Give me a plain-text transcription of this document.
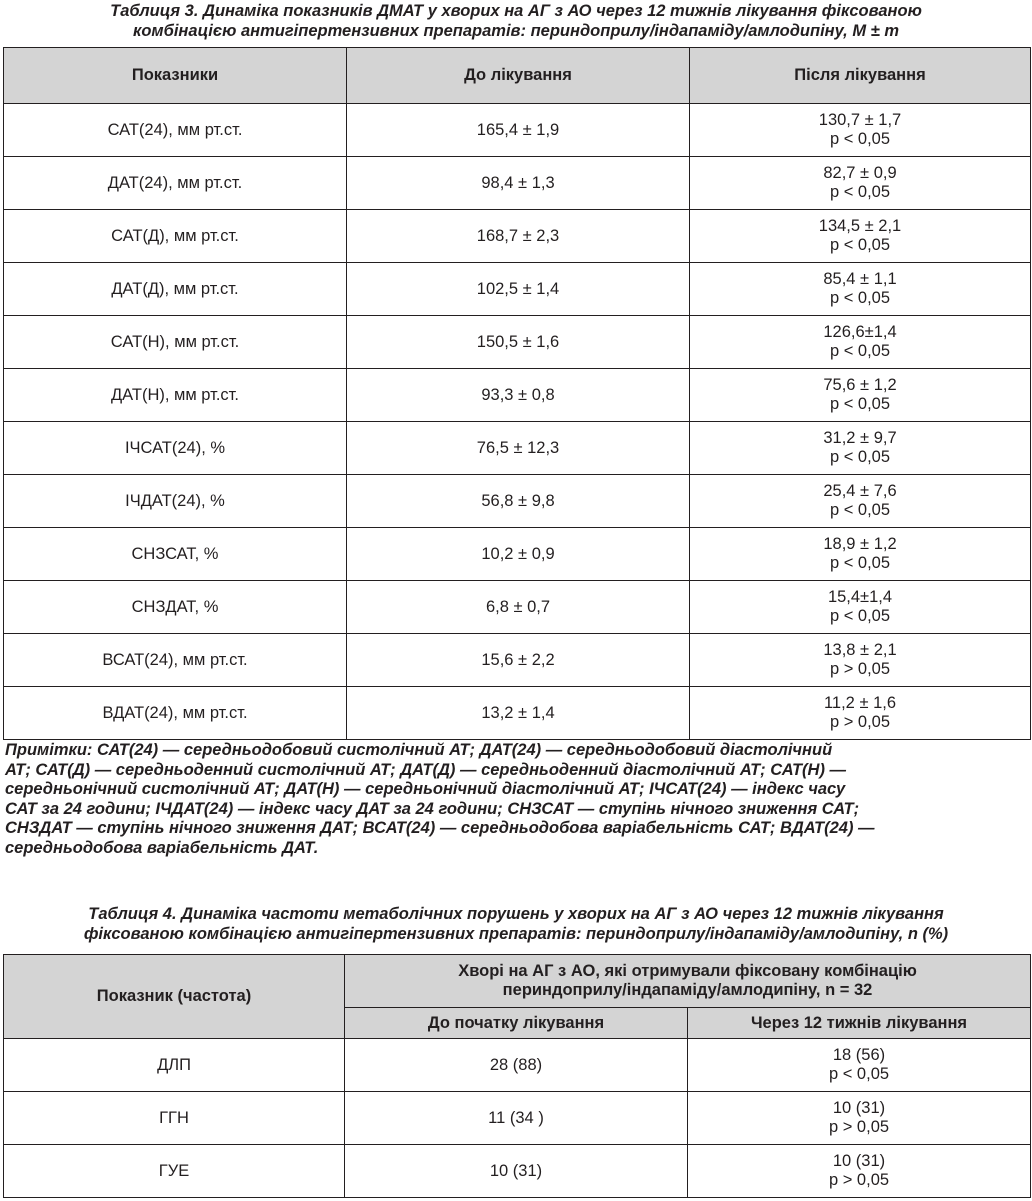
Таблиця 3. Динаміка показників ДМАТ у хворих на АГ з АО через 12 тижнів лікування фіксованою
комбінацією антигіпертензивних препаратів: периндоприлу/індапаміду/амлодипіну, M ± m
Показники	До лікування	Після лікування
САТ(24), мм рт.ст.	165,4 ± 1,9	130,7 ± 1,7
p < 0,05

ДАТ(24), мм рт.ст.	98,4 ± 1,3	82,7 ± 0,9
p < 0,05

САТ(Д), мм рт.ст.	168,7 ± 2,3	134,5 ± 2,1
p < 0,05

ДАТ(Д), мм рт.ст.	102,5 ± 1,4	85,4 ± 1,1
p < 0,05

САТ(Н), мм рт.ст.	150,5 ± 1,6	126,6±1,4
p < 0,05

ДАТ(Н), мм рт.ст.	93,3 ± 0,8	75,6 ± 1,2
p < 0,05

ІЧСАТ(24), %	76,5 ± 12,3	31,2 ± 9,7
p < 0,05

ІЧДАТ(24), %	56,8 ± 9,8	25,4 ± 7,6
p < 0,05

СНЗСАТ, %	10,2 ± 0,9	18,9 ± 1,2
p < 0,05

СНЗДАТ, %	6,8 ± 0,7	15,4±1,4
p < 0,05

ВСАТ(24), мм рт.ст.	15,6 ± 2,2	13,8 ± 2,1
p > 0,05

ВДАТ(24), мм рт.ст.	13,2 ± 1,4	11,2 ± 1,6
p > 0,05
Примітки: САТ(24) — середньодобовий систолічний АТ; ДАТ(24) — середньодобовий діастолічний
АТ; САТ(Д) — середньоденний систолічний АТ; ДАТ(Д) — середньоденний діастолічний АТ; САТ(Н) —
середньонічний систолічний АТ; ДАТ(Н) — середньонічний діастолічний АТ; ІЧСАТ(24) — індекс часу
САТ за 24 години; ІЧДАТ(24) — індекс часу ДАТ за 24 години; СНЗСАТ — ступінь нічного зниження САТ;
СНЗДАТ — ступінь нічного зниження ДАТ; ВСАТ(24) — середньодобова варіабельність САТ; ВДАТ(24) —
середньодобова варіабельність ДАТ.
Таблиця 4. Динаміка частоти метаболічних порушень у хворих на АГ з АО через 12 тижнів лікування
фіксованою комбінацією антигіпертензивних препаратів: периндоприлу/індапаміду/амлодипіну, n (%)
Показник (частота)	Хворі на АГ з АО, які отримували фіксовану комбінацію
периндоприлу/індапаміду/амлодипіну, n = 32	

	До початку лікування	Через 12 тижнів лікування
ДЛП	28 (88)	18 (56)
p < 0,05

ГГН	11 (34 )	10 (31)
p > 0,05

ГУЕ	10 (31)	10 (31)
p > 0,05
